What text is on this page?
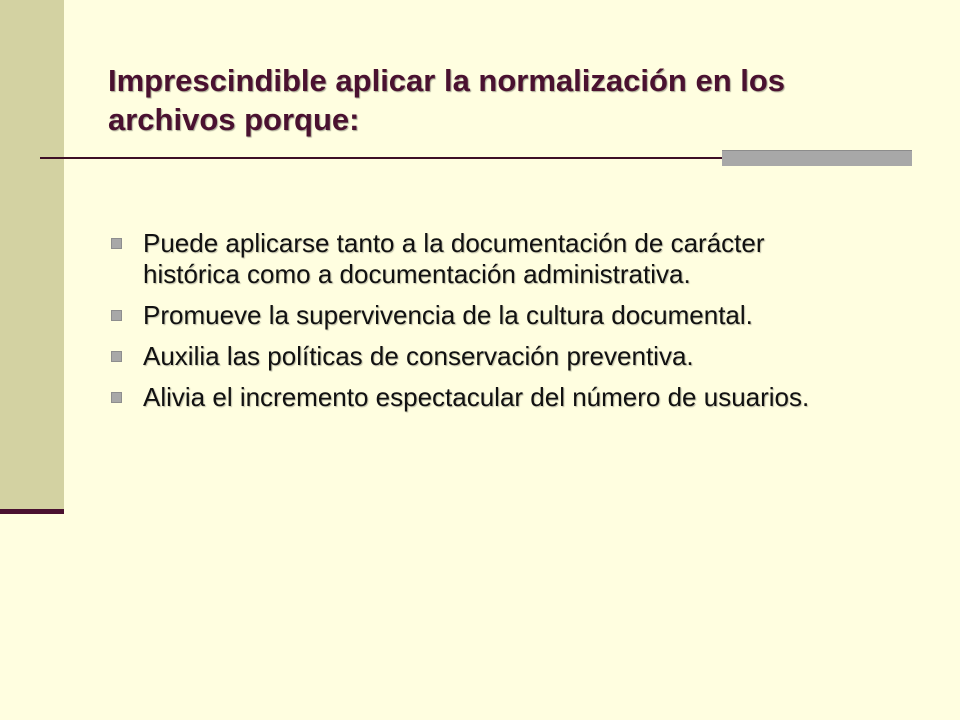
Imprescindible aplicar la normalización en los archivos porque:
Puede aplicarse tanto a la documentación de carácter histórica como a documentación administrativa.
Promueve la supervivencia de la cultura documental.
Auxilia las políticas de conservación preventiva.
Alivia el incremento espectacular del número de usuarios.
